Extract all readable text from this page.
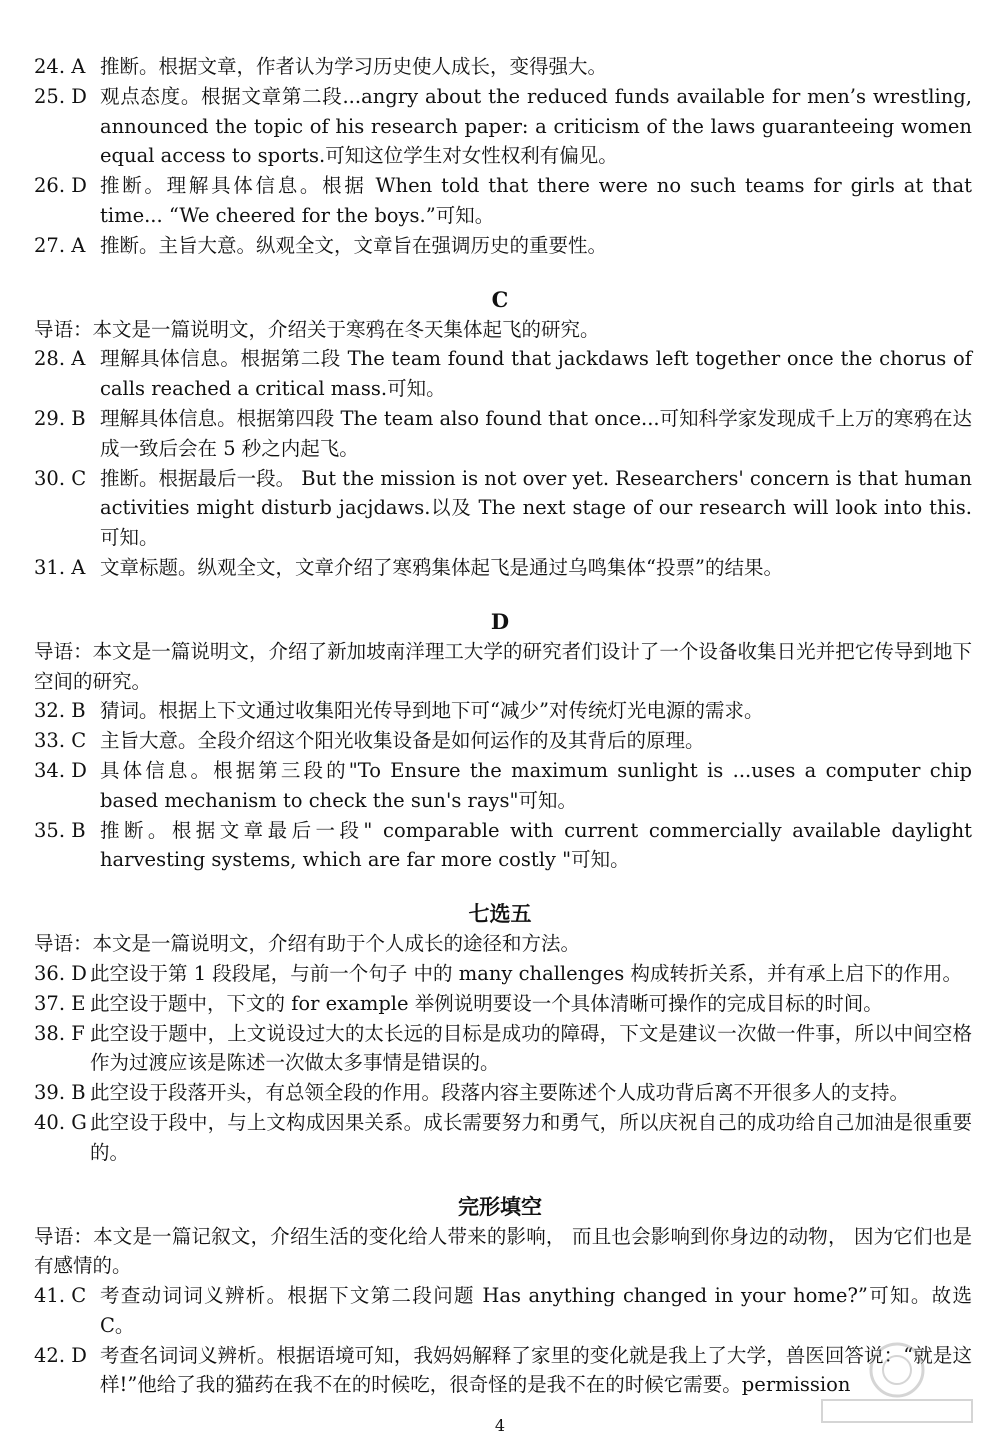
24. A 推断。根据文章，作者认为学习历史使人成长，变得强大。
25. D 观点态度。根据文章第二段...angry about the reduced funds available for men’s wrestling, announced the topic of his research paper: a criticism of the laws guaranteeing women equal access to sports.可知这位学生对女性权利有偏见。
26. D 推断。理解具体信息。根据 When told that there were no such teams for girls at that time... “We cheered for the boys.”可知。
27. A 推断。主旨大意。纵观全文，文章旨在强调历史的重要性。
C
导语：本文是一篇说明文，介绍关于寒鸦在冬天集体起飞的研究。
28. A 理解具体信息。根据第二段 The team found that jackdaws left together once the chorus of calls reached a critical mass.可知。
29. B 理解具体信息。根据第四段 The team also found that once...可知科学家发现成千上万的寒鸦在达成一致后会在 5 秒之内起飞。
30. C 推断。根据最后一段。 But the mission is not over yet. Researchers' concern is that human activities might disturb jacjdaws.以及 The next stage of our research will look into this.可知。
31. A 文章标题。纵观全文，文章介绍了寒鸦集体起飞是通过乌鸣集体“投票”的结果。
D
导语：本文是一篇说明文，介绍了新加坡南洋理工大学的研究者们设计了一个设备收集日光并把它传导到地下空间的研究。
32. B 猜词。根据上下文通过收集阳光传导到地下可“减少”对传统灯光电源的需求。
33. C 主旨大意。全段介绍这个阳光收集设备是如何运作的及其背后的原理。
34. D 具体信息。根据第三段的"To Ensure the maximum sunlight is ...uses a computer chip based mechanism to check the sun's rays"可知。
35. B 推断。根据文章最后一段" comparable with current commercially available daylight harvesting systems, which are far more costly "可知。
七选五
导语：本文是一篇说明文，介绍有助于个人成长的途径和方法。
36. D 此空设于第 1 段段尾，与前一个句子 中的 many challenges 构成转折关系，并有承上启下的作用。
37. E 此空设于题中，下文的 for example 举例说明要设一个具体清晰可操作的完成目标的时间。
38. F 此空设于题中，上文说设过大的太长远的目标是成功的障碍，下文是建议一次做一件事，所以中间空格作为过渡应该是陈述一次做太多事情是错误的。
39. B 此空设于段落开头，有总领全段的作用。段落内容主要陈述个人成功背后离不开很多人的支持。
40. G 此空设于段中，与上文构成因果关系。成长需要努力和勇气，所以庆祝自己的成功给自己加油是很重要的。
完形填空
导语：本文是一篇记叙文，介绍生活的变化给人带来的影响， 而且也会影响到你身边的动物， 因为它们也是有感情的。
41. C 考查动词词义辨析。根据下文第二段问题 Has anything changed in your home?”可知。故选 C。
42. D 考查名词词义辨析。根据语境可知，我妈妈解释了家里的变化就是我上了大学，兽医回答说：“就是这样!”他给了我的猫药在我不在的时候吃，很奇怪的是我不在的时候它需要。permission
4
